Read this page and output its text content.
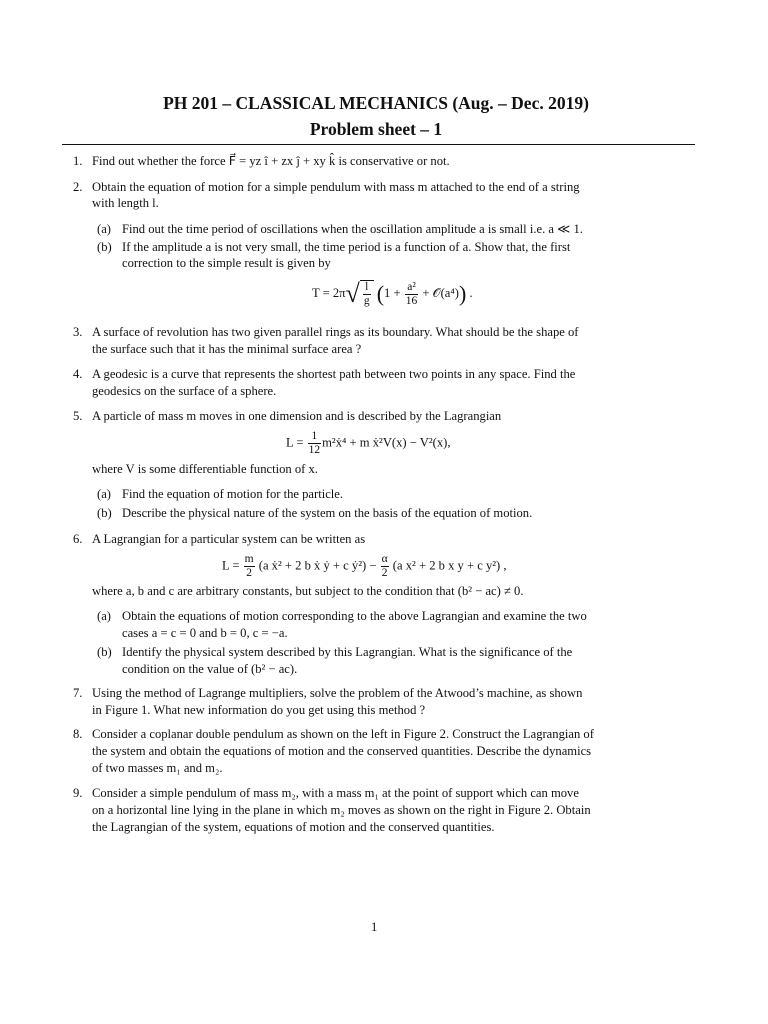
PH 201 – CLASSICAL MECHANICS (Aug. – Dec. 2019)
Problem sheet – 1
1. Find out whether the force F⃗ = yz î + zx ĵ + xy k̂ is conservative or not.
2. Obtain the equation of motion for a simple pendulum with mass m attached to the end of a string
with length l.
(a) Find out the time period of oscillations when the oscillation amplitude a is small i.e. a ≪ 1.
(b) If the amplitude a is not very small, the time period is a function of a. Show that, the first
correction to the simple result is given by
$T = 2\pi√ \frac{l}{g} (1 + \frac{\text{a²}}{16}$ + 𝒪(a⁴)) .
3. A surface of revolution has two given parallel rings as its boundary. What should be the shape of
the surface such that it has the minimal surface area ?
4. A geodesic is a curve that represents the shortest path between two points in any space. Find the
geodesics on the surface of a sphere.
5. A particle of mass m moves in one dimension and is described by the Lagrangian
$L = \frac{1}{12}$ m²ẋ⁴ + m ẋ²V(x) − V²(x),
where V is some differentiable function of x.
(a) Find the equation of motion for the particle.
(b) Describe the physical nature of the system on the basis of the equation of motion.
6. A Lagrangian for a particular system can be written as
$L = \frac{m}{2} (a$ ẋ² + 2 b ẋ ẏ + c ẏ²) − $\frac{\alpha}{2} (a$ x² + 2 b x y + c y²) ,
where a, b and c are arbitrary constants, but subject to the condition that (b² − ac) ≠ 0.
(a) Obtain the equations of motion corresponding to the above Lagrangian and examine the two
cases a = c = 0 and b = 0, c = −a.
(b) Identify the physical system described by this Lagrangian. What is the significance of the
condition on the value of (b² − ac).
7. Using the method of Lagrange multipliers, solve the problem of the Atwood’s machine, as shown
in Figure 1. What new information do you get using this method ?
8. Consider a coplanar double pendulum as shown on the left in Figure 2. Construct the Lagrangian of
the system and obtain the equations of motion and the conserved quantities. Describe the dynamics
of two masses m₁ and m₂.
9. Consider a simple pendulum of mass m₂, with a mass m₁ at the point of support which can move
on a horizontal line lying in the plane in which m₂ moves as shown on the right in Figure 2. Obtain
the Lagrangian of the system, equations of motion and the conserved quantities.
1
